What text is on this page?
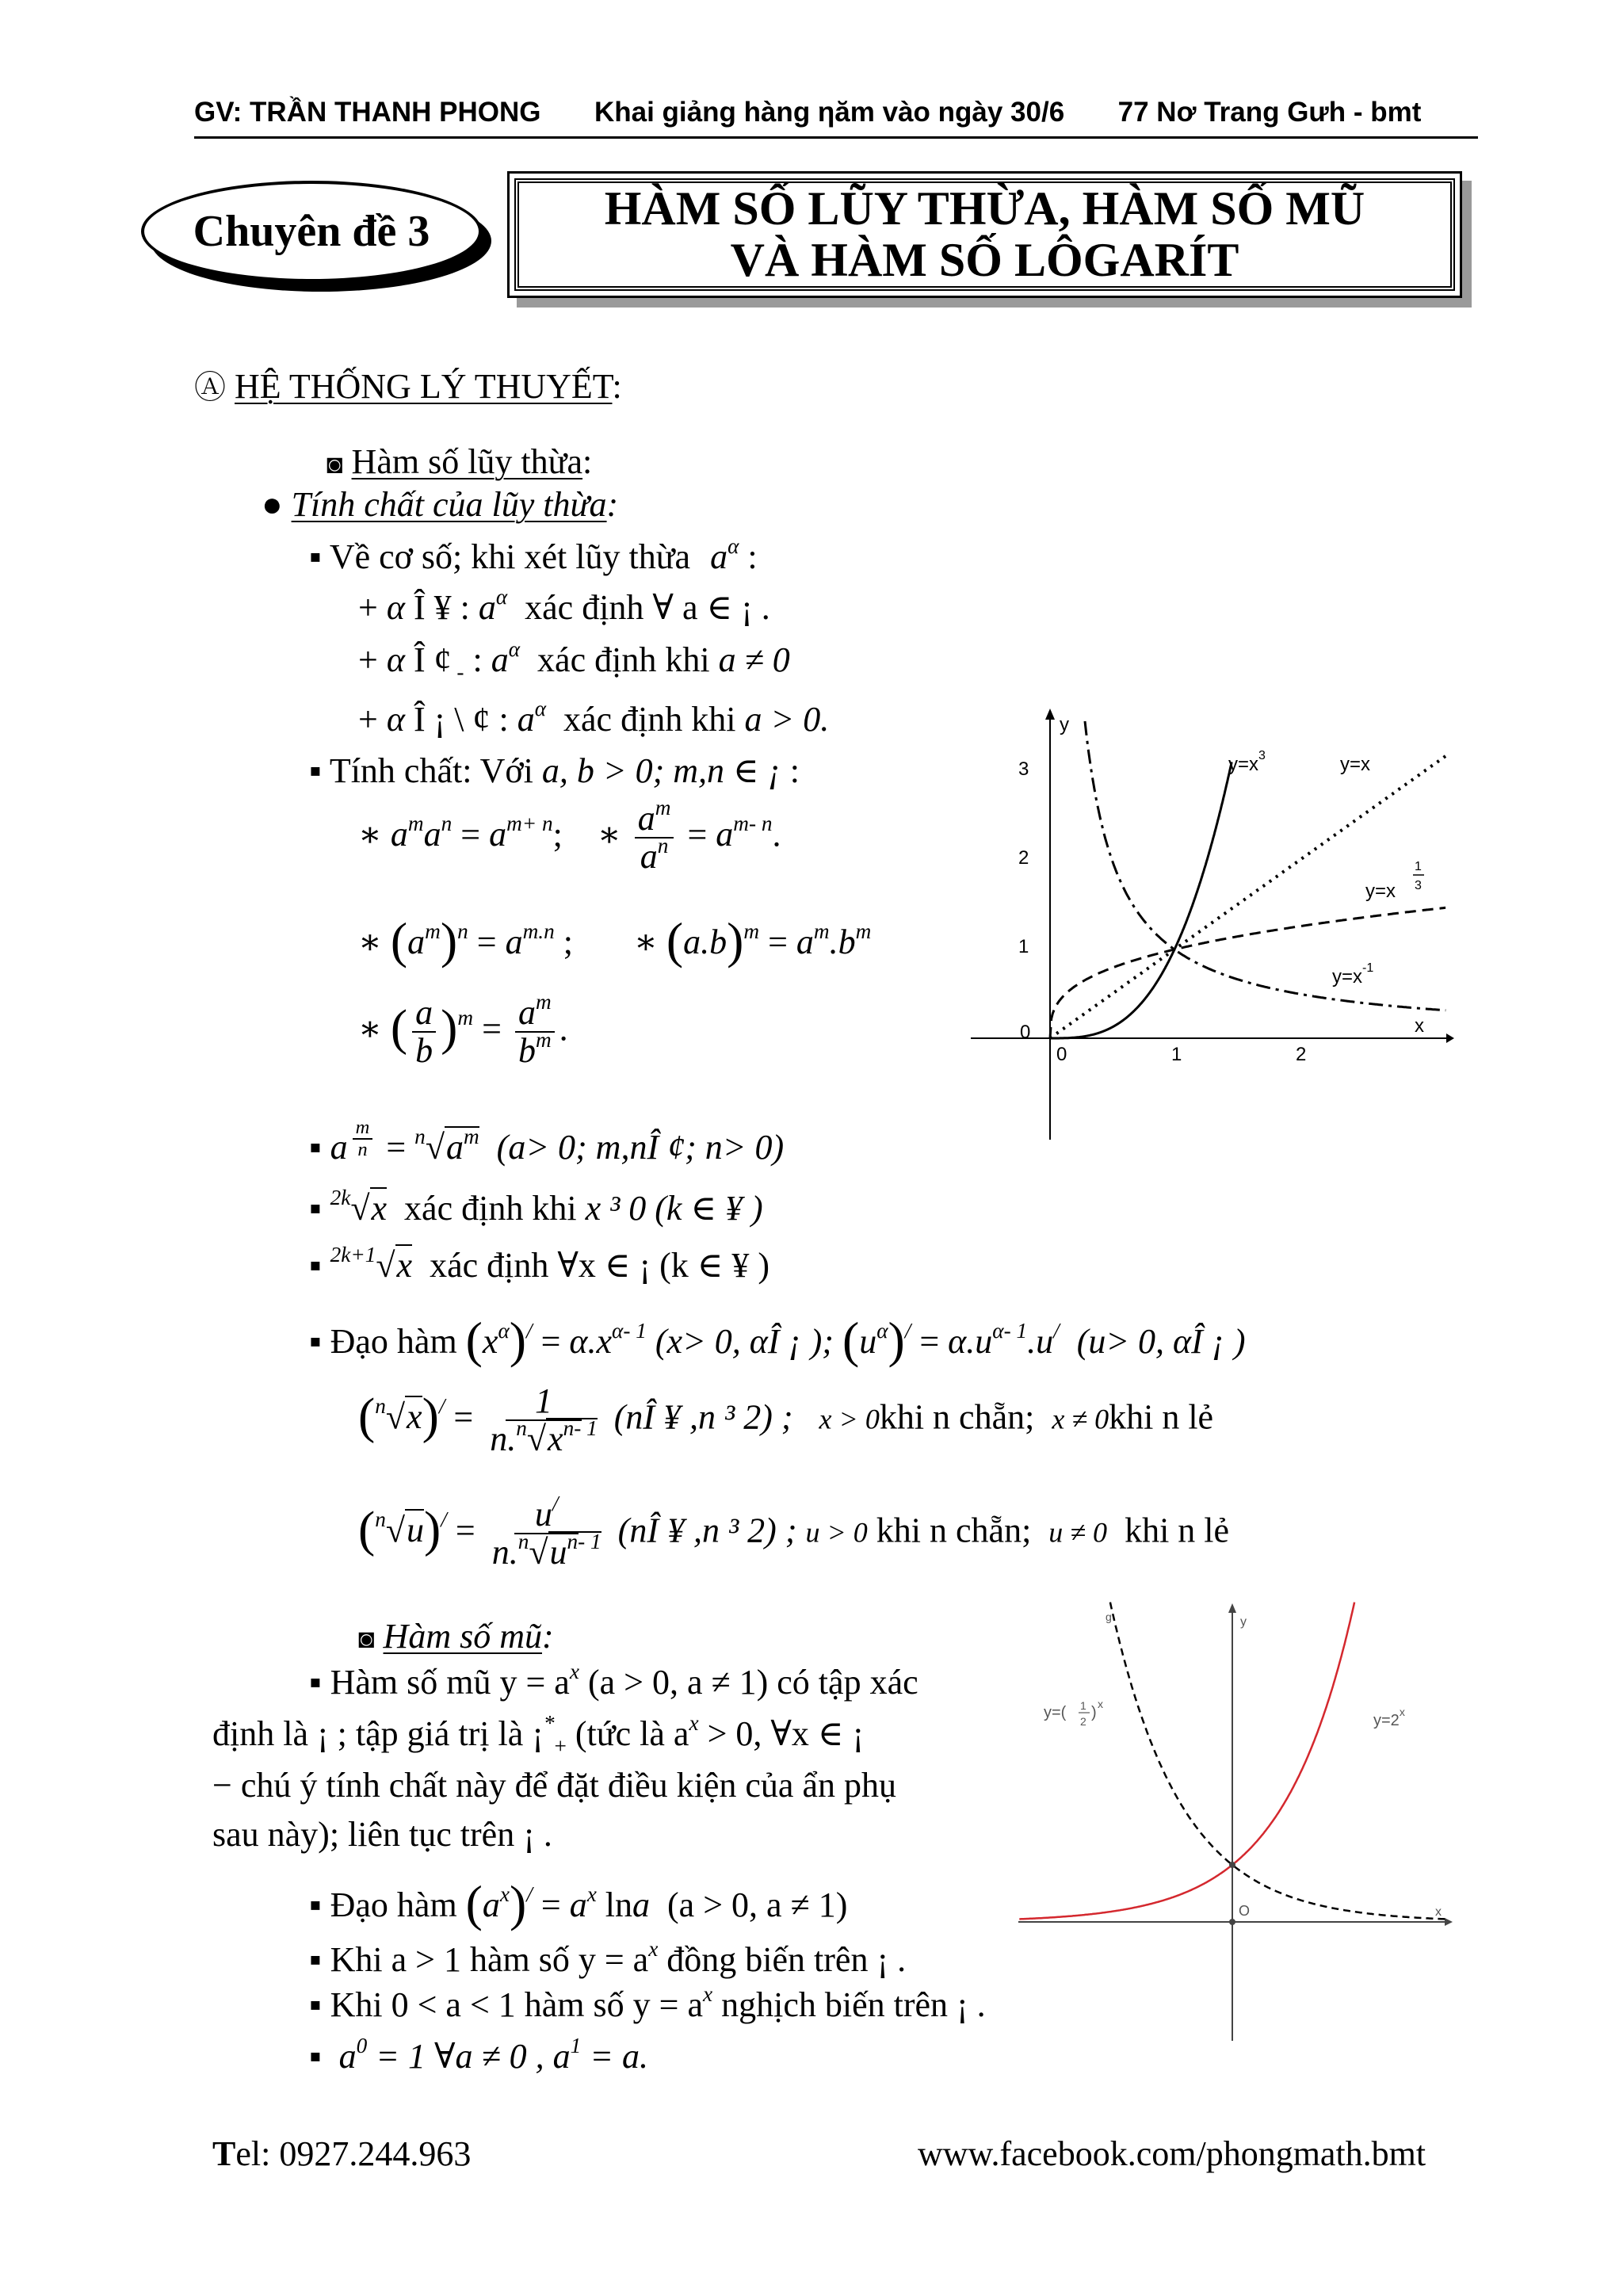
GV: TRẦN THANH PHONG Khai giảng hàng ηăm vào ngày 30/6 77 Nơ Trang Gưh - bmt
Chuyên đề 3	HÀM SỐ LŨY THỪA, HÀM SỐ MŨ
VÀ HÀM SỐ LÔGARÍT
Ⓐ HỆ THỐNG LÝ THUYẾT:
◙ Hàm số lũy thừa:
● Tính chất của lũy thừa:
▪ Về cơ số; khi xét lũy thừa $a^\alpha$ :
+ α Î ¥ : $a^\alpha$ xác định ∀ a ∈ ¡ .
+ α Î ¢ $_-$ : $a^\alpha$ xác định khi a ≠ 0
+ α Î ¡ \ ¢ : $a^\alpha$ xác định khi a > 0.
▪ Tính chất: Với a, b > 0; m,n ∈ ¡ :
∗ $a^ma^n = a^{m+ n}$;    ∗ $\frac{a^m}{a^n} = a^{m- n}$.
∗ $(a^m)^n = a^{m.n}$ ;       ∗ $(a.b)^m = a^m.b^m$
∗ ( $\frac{a}{b} )^m = \frac{a^m}{b^m}$ .
▪ a $^{\frac{m}{n}} = ^n√a^m$ (a> 0; m,nÎ ¢; n> 0)
▪ $^{2k}$√x xác định khi x ³ 0 (k ∈ ¥ )
▪ $^{2k+1}$√x xác định ∀x ∈ ¡ (k ∈ ¥ )
▪ Đạo hàm $(x^\alpha)^/ = \alpha.x^{\alpha- 1}$ (x> 0, αÎ ¡ ); $(u^\alpha)^/ = \alpha.u^{\alpha- 1}.u^/$ (u> 0, αÎ ¡ )
$(^n√x)^/ = \frac{1}{n.^n√x^{n- 1}}$ (nÎ ¥ ,n ³ 2) ; x > 0khi n chẵn; x ≠ 0khi n lẻ
$(^n√u)^/ = \frac{u^/}{n.^n√u^{n- 1}}$ (nÎ ¥ ,n ³ 2) ; u > 0 khi n chẵn; u ≠ 0 khi n lẻ
◙ Hàm số mũ:
▪ Hàm số mũ $y = a^x$ (a > 0, a ≠ 1) có tập xác
định là ¡ ; tập giá trị là ¡$^*_+$ (tức là $a^x > 0$, ∀x ∈ ¡
− chú ý tính chất này để đặt điều kiện của ẩn phụ
sau này); liên tục trên ¡ .
▪ Đạo hàm $(a^x)^/ = a^x$ lna (a > 0, a ≠ 1)
▪ Khi a > 1 hàm số $y = a^x$ đồng biến trên ¡ .
▪ Khi 0 < a < 1 hàm số $y = a^x$ nghịch biến trên ¡ .
▪ $a^0 = 1$ ∀a ≠ 0 , $a^1 = a$.
y
x
0	1	2
1
2
3
0
$y=x^3$	y=x
y=x
1
3
$y=x^{-1}$
y
x
O
g
y=( 1
2 ) x
$y=2^x$
Tel: 0927.244.963	www.facebook.com/phongmath.bmt
